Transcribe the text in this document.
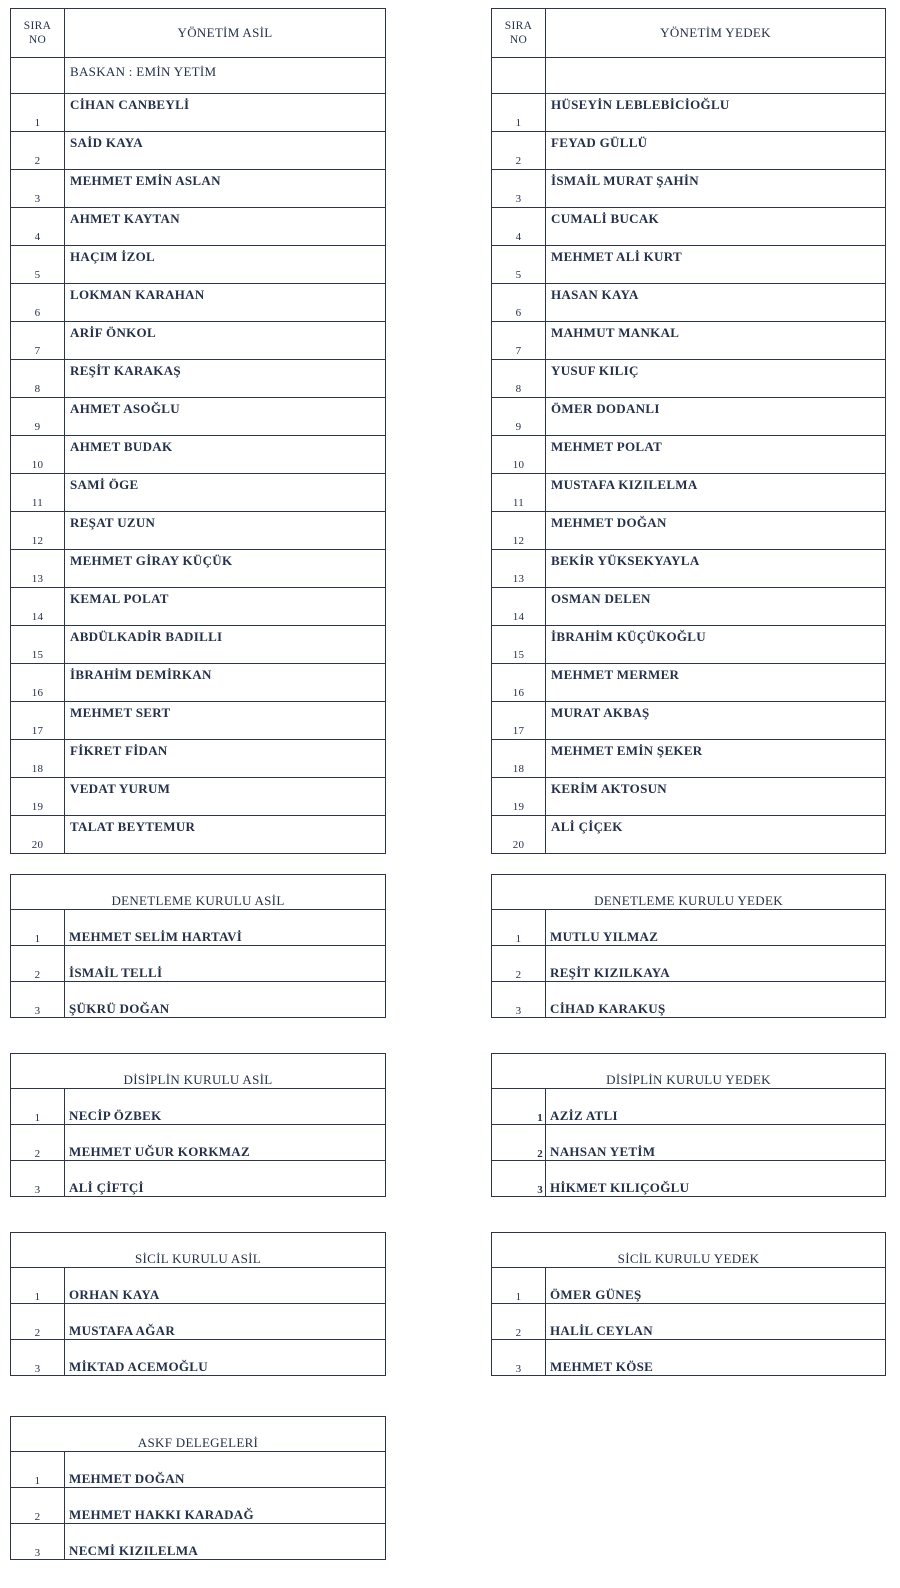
SIRA
NO	YÖNETİM ASİL
	BASKAN : EMİN YETİM
1	CİHAN CANBEYLİ
2	SAİD KAYA
3	MEHMET EMİN ASLAN
4	AHMET KAYTAN
5	HAÇIM İZOL
6	LOKMAN KARAHAN
7	ARİF ÖNKOL
8	REŞİT KARAKAŞ
9	AHMET ASOĞLU
10	AHMET BUDAK
11	SAMİ ÖGE
12	REŞAT UZUN
13	MEHMET GİRAY KÜÇÜK
14	KEMAL POLAT
15	ABDÜLKADİR BADILLI
16	İBRAHİM DEMİRKAN
17	MEHMET SERT
18	FİKRET FİDAN
19	VEDAT YURUM
20	TALAT BEYTEMUR
SIRA
NO	YÖNETİM YEDEK

1	HÜSEYİN LEBLEBİCİOĞLU
2	FEYAD GÜLLÜ
3	İSMAİL MURAT ŞAHİN
4	CUMALİ BUCAK
5	MEHMET ALİ KURT
6	HASAN KAYA
7	MAHMUT MANKAL
8	YUSUF KILIÇ
9	ÖMER DODANLI
10	MEHMET POLAT
11	MUSTAFA KIZILELMA
12	MEHMET DOĞAN
13	BEKİR YÜKSEKYAYLA
14	OSMAN DELEN
15	İBRAHİM KÜÇÜKOĞLU
16	MEHMET MERMER
17	MURAT AKBAŞ
18	MEHMET EMİN ŞEKER
19	KERİM AKTOSUN
20	ALİ ÇİÇEK
DENETLEME KURULU ASİL	
1	MEHMET SELİM HARTAVİ
2	İSMAİL TELLİ
3	ŞÜKRÜ DOĞAN
DENETLEME KURULU YEDEK	
1	MUTLU YILMAZ
2	REŞİT KIZILKAYA
3	CİHAD KARAKUŞ
DİSİPLİN KURULU ASİL	
1	NECİP ÖZBEK
2	MEHMET UĞUR KORKMAZ
3	ALİ ÇİFTÇİ
DİSİPLİN KURULU YEDEK	
1	AZİZ ATLI
2	NAHSAN YETİM
3	HİKMET KILIÇOĞLU
SİCİL KURULU ASİL	
1	ORHAN KAYA
2	MUSTAFA AĞAR
3	MİKTAD ACEMOĞLU
SİCİL KURULU YEDEK	
1	ÖMER GÜNEŞ
2	HALİL CEYLAN
3	MEHMET KÖSE
ASKF DELEGELERİ	
1	MEHMET DOĞAN
2	MEHMET HAKKI KARADAĞ
3	NECMİ KIZILELMA
